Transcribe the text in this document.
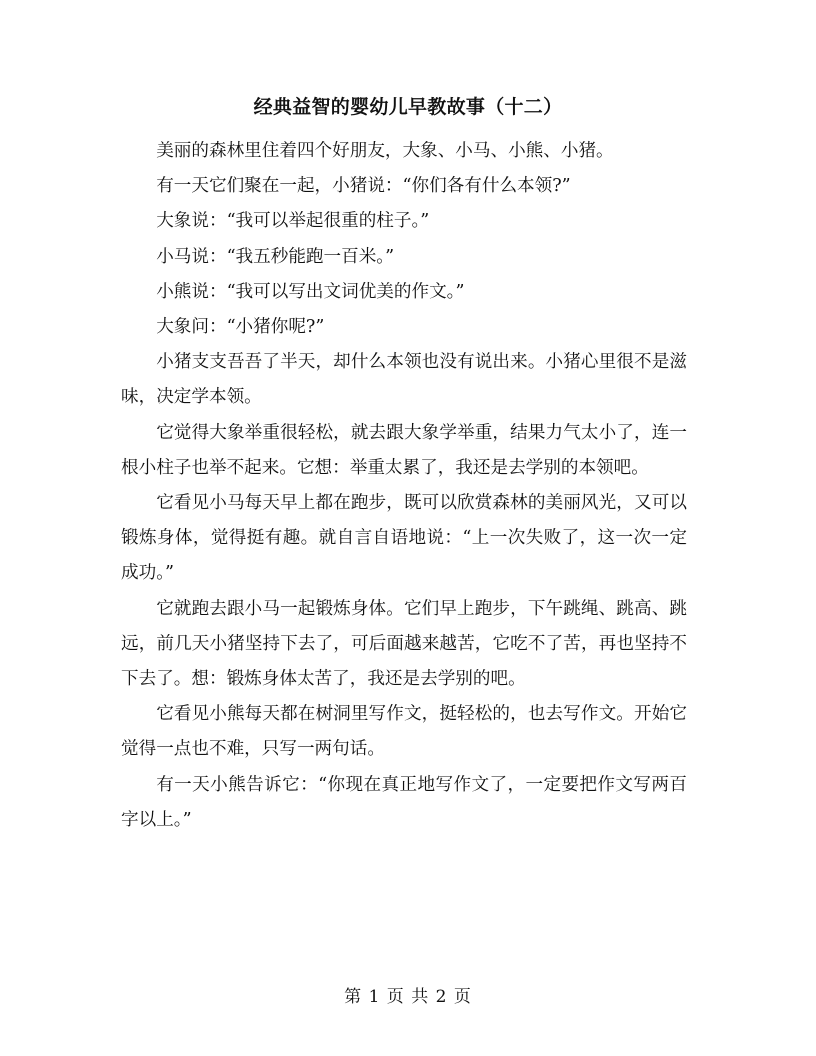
经典益智的婴幼儿早教故事（十二）

美丽的森林里住着四个好朋友，大象、小马、小熊、小猪。

有一天它们聚在一起，小猪说：“你们各有什么本领?”

大象说：“我可以举起很重的柱子。”

小马说：“我五秒能跑一百米。”

小熊说：“我可以写出文词优美的作文。”

大象问：“小猪你呢?”

小猪支支吾吾了半天，却什么本领也没有说出来。小猪心里很不是滋味，决定学本领。

它觉得大象举重很轻松，就去跟大象学举重，结果力气太小了，连一根小柱子也举不起来。它想：举重太累了，我还是去学别的本领吧。

它看见小马每天早上都在跑步，既可以欣赏森林的美丽风光，又可以锻炼身体，觉得挺有趣。就自言自语地说：“上一次失败了，这一次一定成功。”

它就跑去跟小马一起锻炼身体。它们早上跑步，下午跳绳、跳高、跳远，前几天小猪坚持下去了，可后面越来越苦，它吃不了苦，再也坚持不下去了。想：锻炼身体太苦了，我还是去学别的吧。

它看见小熊每天都在树洞里写作文，挺轻松的，也去写作文。开始它觉得一点也不难，只写一两句话。

有一天小熊告诉它：“你现在真正地写作文了，一定要把作文写两百字以上。”

第 1 页 共 2 页
